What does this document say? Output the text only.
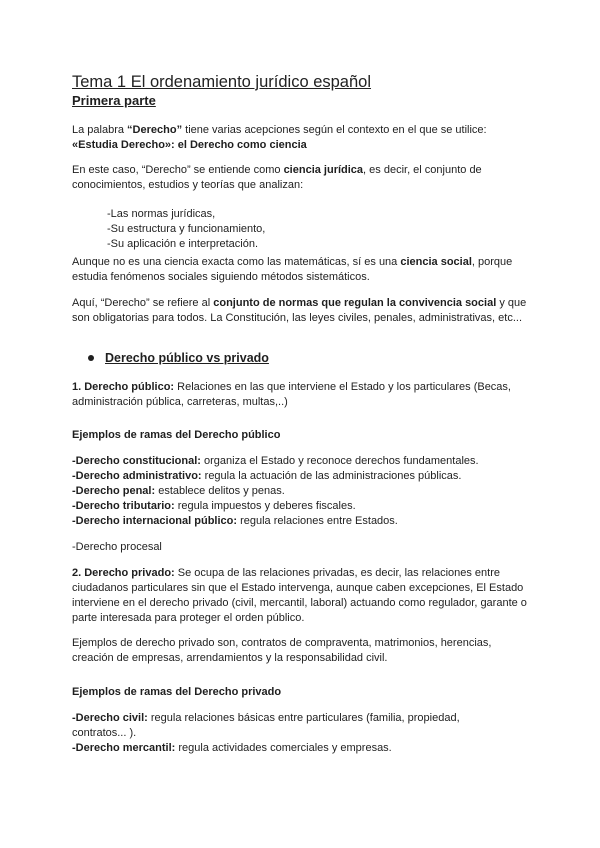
Tema 1 El ordenamiento jurídico español
Primera parte

La palabra “Derecho” tiene varias acepciones según el contexto en el que se utilice:
«Estudia Derecho»: el Derecho como ciencia

En este caso, “Derecho” se entiende como ciencia jurídica, es decir, el conjunto de conocimientos, estudios y teorías que analizan:

-Las normas jurídicas,
-Su estructura y funcionamiento,
-Su aplicación e interpretación.

Aunque no es una ciencia exacta como las matemáticas, sí es una ciencia social, porque estudia fenómenos sociales siguiendo métodos sistemáticos.

Aquí, “Derecho” se refiere al conjunto de normas que regulan la convivencia social y que son obligatorias para todos. La Constitución, las leyes civiles, penales, administrativas, etc...

Derecho público vs privado

1. Derecho público: Relaciones en las que interviene el Estado y los particulares (Becas, administración pública, carreteras, multas,..)

Ejemplos de ramas del Derecho público

-Derecho constitucional: organiza el Estado y reconoce derechos fundamentales.
-Derecho administrativo: regula la actuación de las administraciones públicas.
-Derecho penal: establece delitos y penas.
-Derecho tributario: regula impuestos y deberes fiscales.
-Derecho internacional público: regula relaciones entre Estados.

-Derecho procesal

2. Derecho privado: Se ocupa de las relaciones privadas, es decir, las relaciones entre ciudadanos particulares sin que el Estado intervenga, aunque caben excepciones, El Estado interviene en el derecho privado (civil, mercantil, laboral) actuando como regulador, garante o parte interesada para proteger el orden público.

Ejemplos de derecho privado son, contratos de compraventa, matrimonios, herencias, creación de empresas, arrendamientos y la responsabilidad civil.

Ejemplos de ramas del Derecho privado

-Derecho civil: regula relaciones básicas entre particulares (familia, propiedad, contratos... ).
-Derecho mercantil: regula actividades comerciales y empresas.
